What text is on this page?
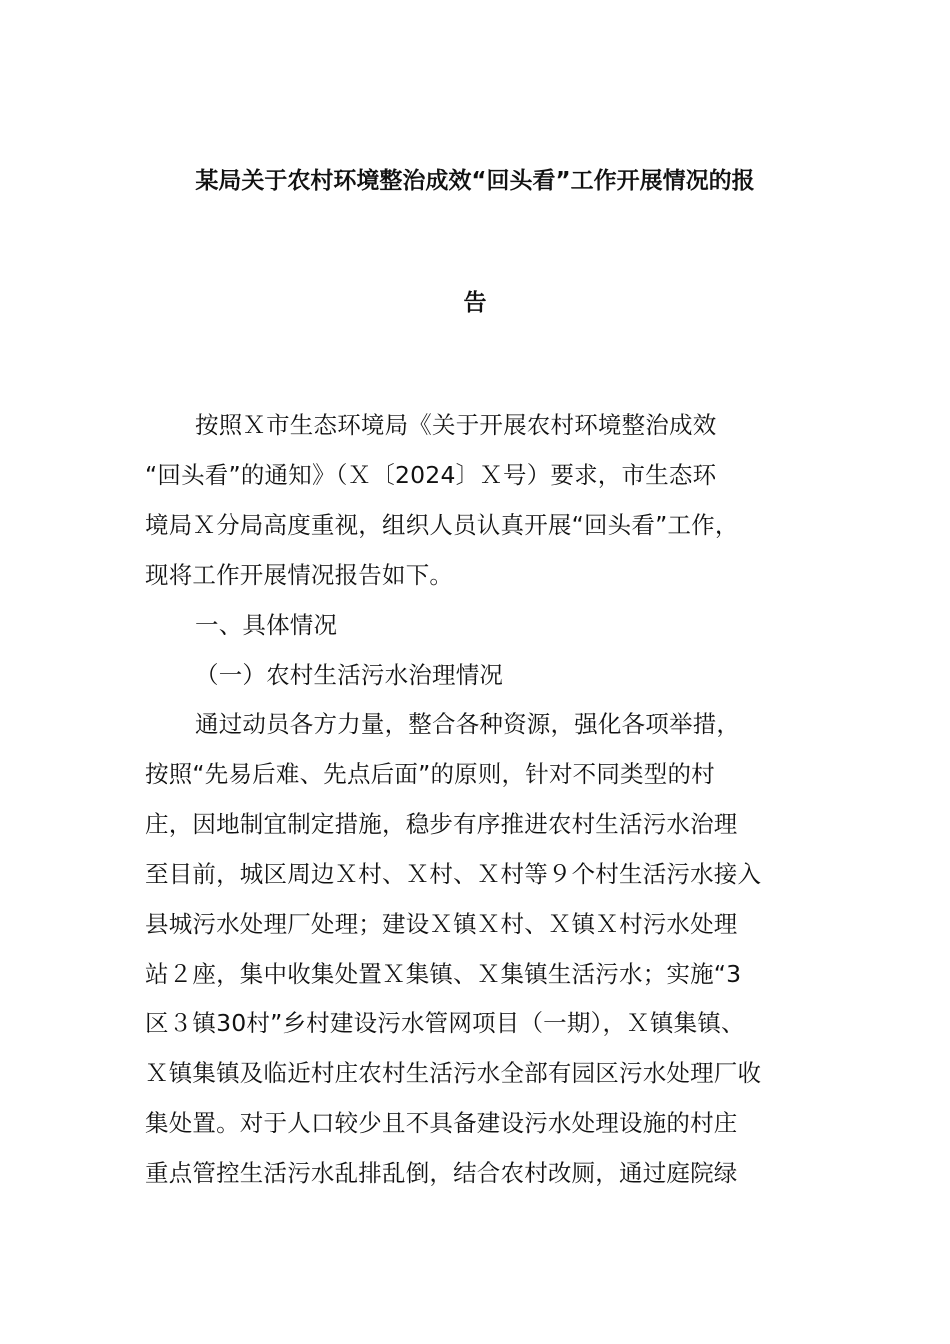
某局关于农村环境整治成效“回头看”工作开展情况的报
告
按照Ｘ市生态环境局《关于开展农村环境整治成效
“回头看”的通知》（Ｘ〔2024〕Ｘ号）要求，市生态环
境局Ｘ分局高度重视，组织人员认真开展“回头看”工作，
现将工作开展情况报告如下。
一、具体情况
（一）农村生活污水治理情况
通过动员各方力量，整合各种资源，强化各项举措，
按照“先易后难、先点后面”的原则，针对不同类型的村
庄，因地制宜制定措施，稳步有序推进农村生活污水治理
至目前，城区周边Ｘ村、Ｘ村、Ｘ村等９个村生活污水接入
县城污水处理厂处理；建设Ｘ镇Ｘ村、Ｘ镇Ｘ村污水处理
站２座，集中收集处置Ｘ集镇、Ｘ集镇生活污水；实施“3
区３镇30村”乡村建设污水管网项目（一期），Ｘ镇集镇、
Ｘ镇集镇及临近村庄农村生活污水全部有园区污水处理厂收
集处置。对于人口较少且不具备建设污水处理设施的村庄
重点管控生活污水乱排乱倒，结合农村改厕，通过庭院绿
